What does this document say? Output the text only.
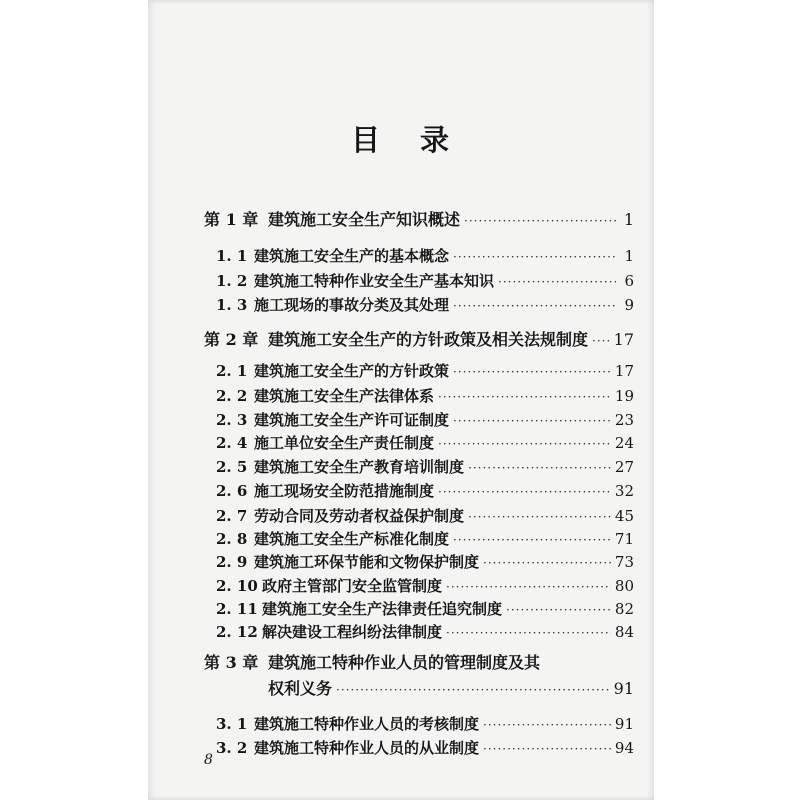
目 录
第 1 章 建筑施工安全生产知识概述 ·····	1
1. 1 建筑施工安全生产的基本概念 ·····	1
1. 2 建筑施工特种作业安全生产基本知识 ·····	6
1. 3 施工现场的事故分类及其处理 ·····	9
第 2 章 建筑施工安全生产的方针政策及相关法规制度 ····· 17
2. 1 建筑施工安全生产的方针政策 ·····	17
2. 2 建筑施工安全生产法律体系 ·····	19
2. 3 建筑施工安全生产许可证制度 ·····	23
2. 4 施工单位安全生产责任制度 ·····	24
2. 5 建筑施工安全生产教育培训制度 ·····	27
2. 6 施工现场安全防范措施制度 ·····	32
2. 7 劳动合同及劳动者权益保护制度 ·····	45
2. 8 建筑施工安全生产标准化制度 ·····	71
2. 9 建筑施工环保节能和文物保护制度 ·····	73
2. 10 政府主管部门安全监管制度 ·····	80
2. 11 建筑施工安全生产法律责任追究制度 ·····	82
2. 12 解决建设工程纠纷法律制度 ·····	84
第 3 章 建筑施工特种作业人员的管理制度及其
权利义务 ·····	91
3. 1 建筑施工特种作业人员的考核制度 ·····	91
3. 2 建筑施工特种作业人员的从业制度 ·····	94
8
